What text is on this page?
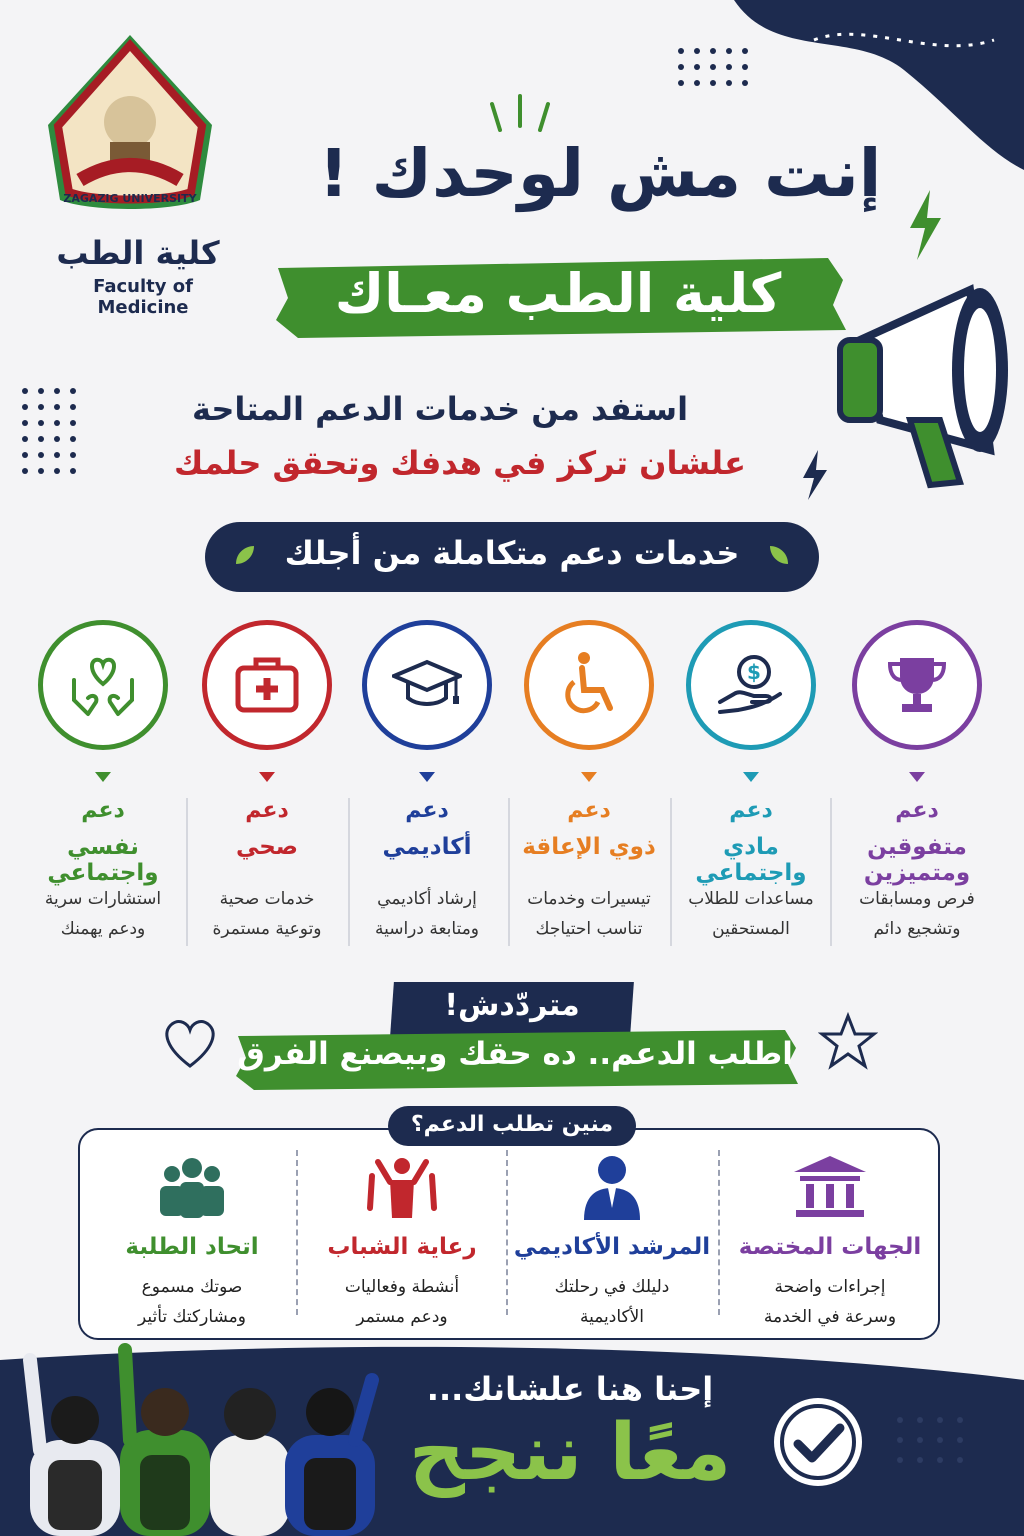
ZAGAZIG UNIVERSITY
كلية الطب
Faculty of Medicine
إنت مش لوحدك !
كلية الطب معـاك
استفد من خدمات الدعم المتاحة
علشان تركز في هدفك وتحقق حلمك
خدمات دعم متكاملة من أجلك
دعم
متفوقين ومتميزين
فرص ومسابقات
وتشجيع دائم
$
دعم
مادي واجتماعي
مساعدات للطلاب
المستحقين
دعم
ذوي الإعاقة
تيسيرات وخدمات
تناسب احتياجك
دعم
أكاديمي
إرشاد أكاديمي
ومتابعة دراسية
دعم
صحي
خدمات صحية
وتوعية مستمرة
دعم
نفسي واجتماعي
استشارات سرية
ودعم يهمنك
متردّدش!
اطلب الدعم.. ده حقك وبيصنع الفرق
منين تطلب الدعم؟
الجهات المختصة
إجراءات واضحة
وسرعة في الخدمة
المرشد الأكاديمي
دليلك في رحلتك
الأكاديمية
رعاية الشباب
أنشطة وفعاليات
ودعم مستمر
اتحاد الطلبة
صوتك مسموع
ومشاركتك تأثير
إحنا هنا علشانك...
معًا ننجح
